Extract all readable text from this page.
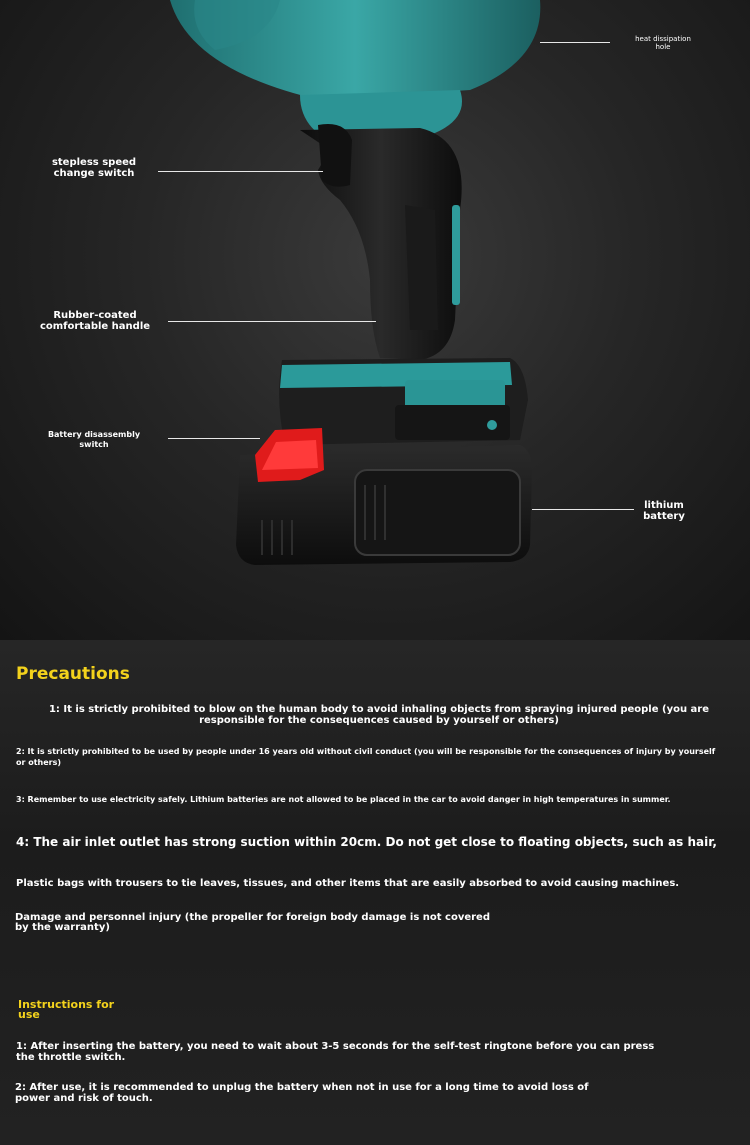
heat dissipation
hole
stepless speed
change switch
Rubber-coated
comfortable handle
Battery disassembly
switch
lithium
battery
Precautions
1: It is strictly prohibited to blow on the human body to avoid inhaling objects from spraying injured people (you are responsible for the consequences caused by yourself or others)
2: It is strictly prohibited to be used by people under 16 years old without civil conduct (you will be responsible for the consequences of injury by yourself or others)
3: Remember to use electricity safely. Lithium batteries are not allowed to be placed in the car to avoid danger in high temperatures in summer.
4: The air inlet outlet has strong suction within 20cm. Do not get close to floating objects, such as hair,
Plastic bags with trousers to tie leaves, tissues, and other items that are easily absorbed to avoid causing machines.
Damage and personnel injury (the propeller for foreign body damage is not covered by the warranty)
Instructions for use
1: After inserting the battery, you need to wait about 3-5 seconds for the self-test ringtone before you can press the throttle switch.
2: After use, it is recommended to unplug the battery when not in use for a long time to avoid loss of power and risk of touch.
